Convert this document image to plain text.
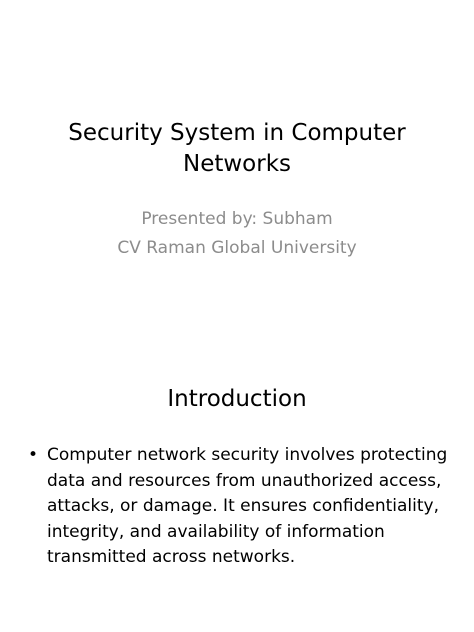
Security System in Computer
Networks
Presented by: Subham
CV Raman Global University
Introduction
• Computer network security involves protecting data and resources from unauthorized access, attacks, or damage. It ensures confidentiality, integrity, and availability of information transmitted across networks.
